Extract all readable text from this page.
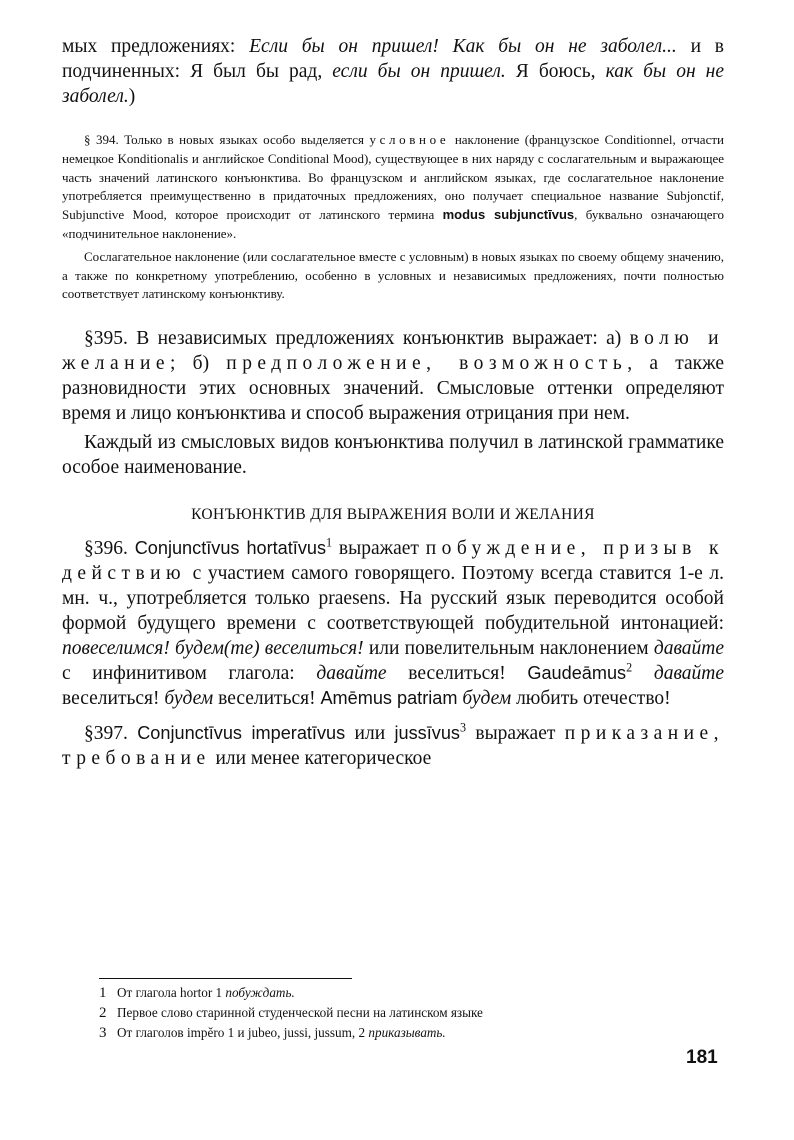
мых предложениях: Если бы он пришел! Как бы он не заболел... и в подчиненных: Я был бы рад, если бы он пришел. Я боюсь, как бы он не заболел.)

§ 394. Только в новых языках особо выделяется условное наклонение (французское Conditionnel, отчасти немецкое Konditionalis и английское Conditional Mood), существующее в них наряду с сослагательным и выражающее часть значений латинского конъюнктива. Во французском и английском языках, где сослагательное наклонение употребляется преимущественно в придаточных предложениях, оно получает специальное название Subjonctif, Subjunctive Mood, которое происходит от латинского термина modus subjunctīvus, буквально означающего «подчинительное наклонение».

Сослагательное наклонение (или сослагательное вместе с условным) в новых языках по своему общему значению, а также по конкретному употреблению, особенно в условных и независимых предложениях, почти полностью соответствует латинскому конъюнктиву.

§395. В независимых предложениях конъюнктив выражает: а) волю и желание; б) предположение, возможность, а также разновидности этих основных значений. Смысловые оттенки определяют время и лицо конъюнктива и способ выражения отрицания при нем.

Каждый из смысловых видов конъюнктива получил в латинской грамматике особое наименование.

КОНЪЮНКТИВ ДЛЯ ВЫРАЖЕНИЯ ВОЛИ И ЖЕЛАНИЯ

§396. Conjunctīvus hortatīvus$^1$ выражает побуждение, призыв к действию с участием самого говорящего. Поэтому всегда ставится 1-е л. мн. ч., употребляется только praesens. На русский язык переводится особой формой будущего времени с соответствующей побудительной интонацией: повеселимся! будем(те) веселиться! или повелительным наклонением давайте с инфинитивом глагола: давайте веселиться! Gaudeāmus$^2$ давайте веселиться! будем веселиться! Amēmus patriam будем любить отечество!

§397. Conjunctīvus imperatīvus или jussīvus$^3$ выражает приказание, требование или менее категорическое

1 От глагола hortor 1 побуждать.

2 Первое слово старинной студенческой песни на латинском языке

3 От глаголов impěro 1 и jubeo, jussi, jussum, 2 приказывать.

181
